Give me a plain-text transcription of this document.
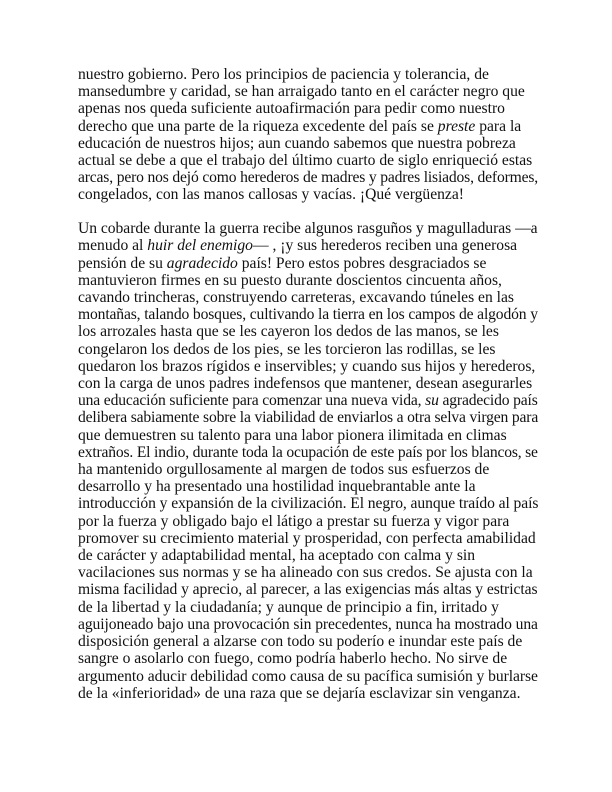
nuestro gobierno. Pero los principios de paciencia y tolerancia, de
mansedumbre y caridad, se han arraigado tanto en el carácter negro que
apenas nos queda suficiente autoafirmación para pedir como nuestro
derecho que una parte de la riqueza excedente del país se preste para la
educación de nuestros hijos; aun cuando sabemos que nuestra pobreza
actual se debe a que el trabajo del último cuarto de siglo enriqueció estas
arcas, pero nos dejó como herederos de madres y padres lisiados, deformes,
congelados, con las manos callosas y vacías. ¡Qué vergüenza!
Un cobarde durante la guerra recibe algunos rasguños y magulladuras —a
menudo al huir del enemigo— , ¡y sus herederos reciben una generosa
pensión de su agradecido país! Pero estos pobres desgraciados se
mantuvieron firmes en su puesto durante doscientos cincuenta años,
cavando trincheras, construyendo carreteras, excavando túneles en las
montañas, talando bosques, cultivando la tierra en los campos de algodón y
los arrozales hasta que se les cayeron los dedos de las manos, se les
congelaron los dedos de los pies, se les torcieron las rodillas, se les
quedaron los brazos rígidos e inservibles; y cuando sus hijos y herederos,
con la carga de unos padres indefensos que mantener, desean asegurarles
una educación suficiente para comenzar una nueva vida, su agradecido país
delibera sabiamente sobre la viabilidad de enviarlos a otra selva virgen para
que demuestren su talento para una labor pionera ilimitada en climas
extraños. El indio, durante toda la ocupación de este país por los blancos, se
ha mantenido orgullosamente al margen de todos sus esfuerzos de
desarrollo y ha presentado una hostilidad inquebrantable ante la
introducción y expansión de la civilización. El negro, aunque traído al país
por la fuerza y obligado bajo el látigo a prestar su fuerza y vigor para
promover su crecimiento material y prosperidad, con perfecta amabilidad
de carácter y adaptabilidad mental, ha aceptado con calma y sin
vacilaciones sus normas y se ha alineado con sus credos. Se ajusta con la
misma facilidad y aprecio, al parecer, a las exigencias más altas y estrictas
de la libertad y la ciudadanía; y aunque de principio a fin, irritado y
aguijoneado bajo una provocación sin precedentes, nunca ha mostrado una
disposición general a alzarse con todo su poderío e inundar este país de
sangre o asolarlo con fuego, como podría haberlo hecho. No sirve de
argumento aducir debilidad como causa de su pacífica sumisión y burlarse
de la «inferioridad» de una raza que se dejaría esclavizar sin venganza.
